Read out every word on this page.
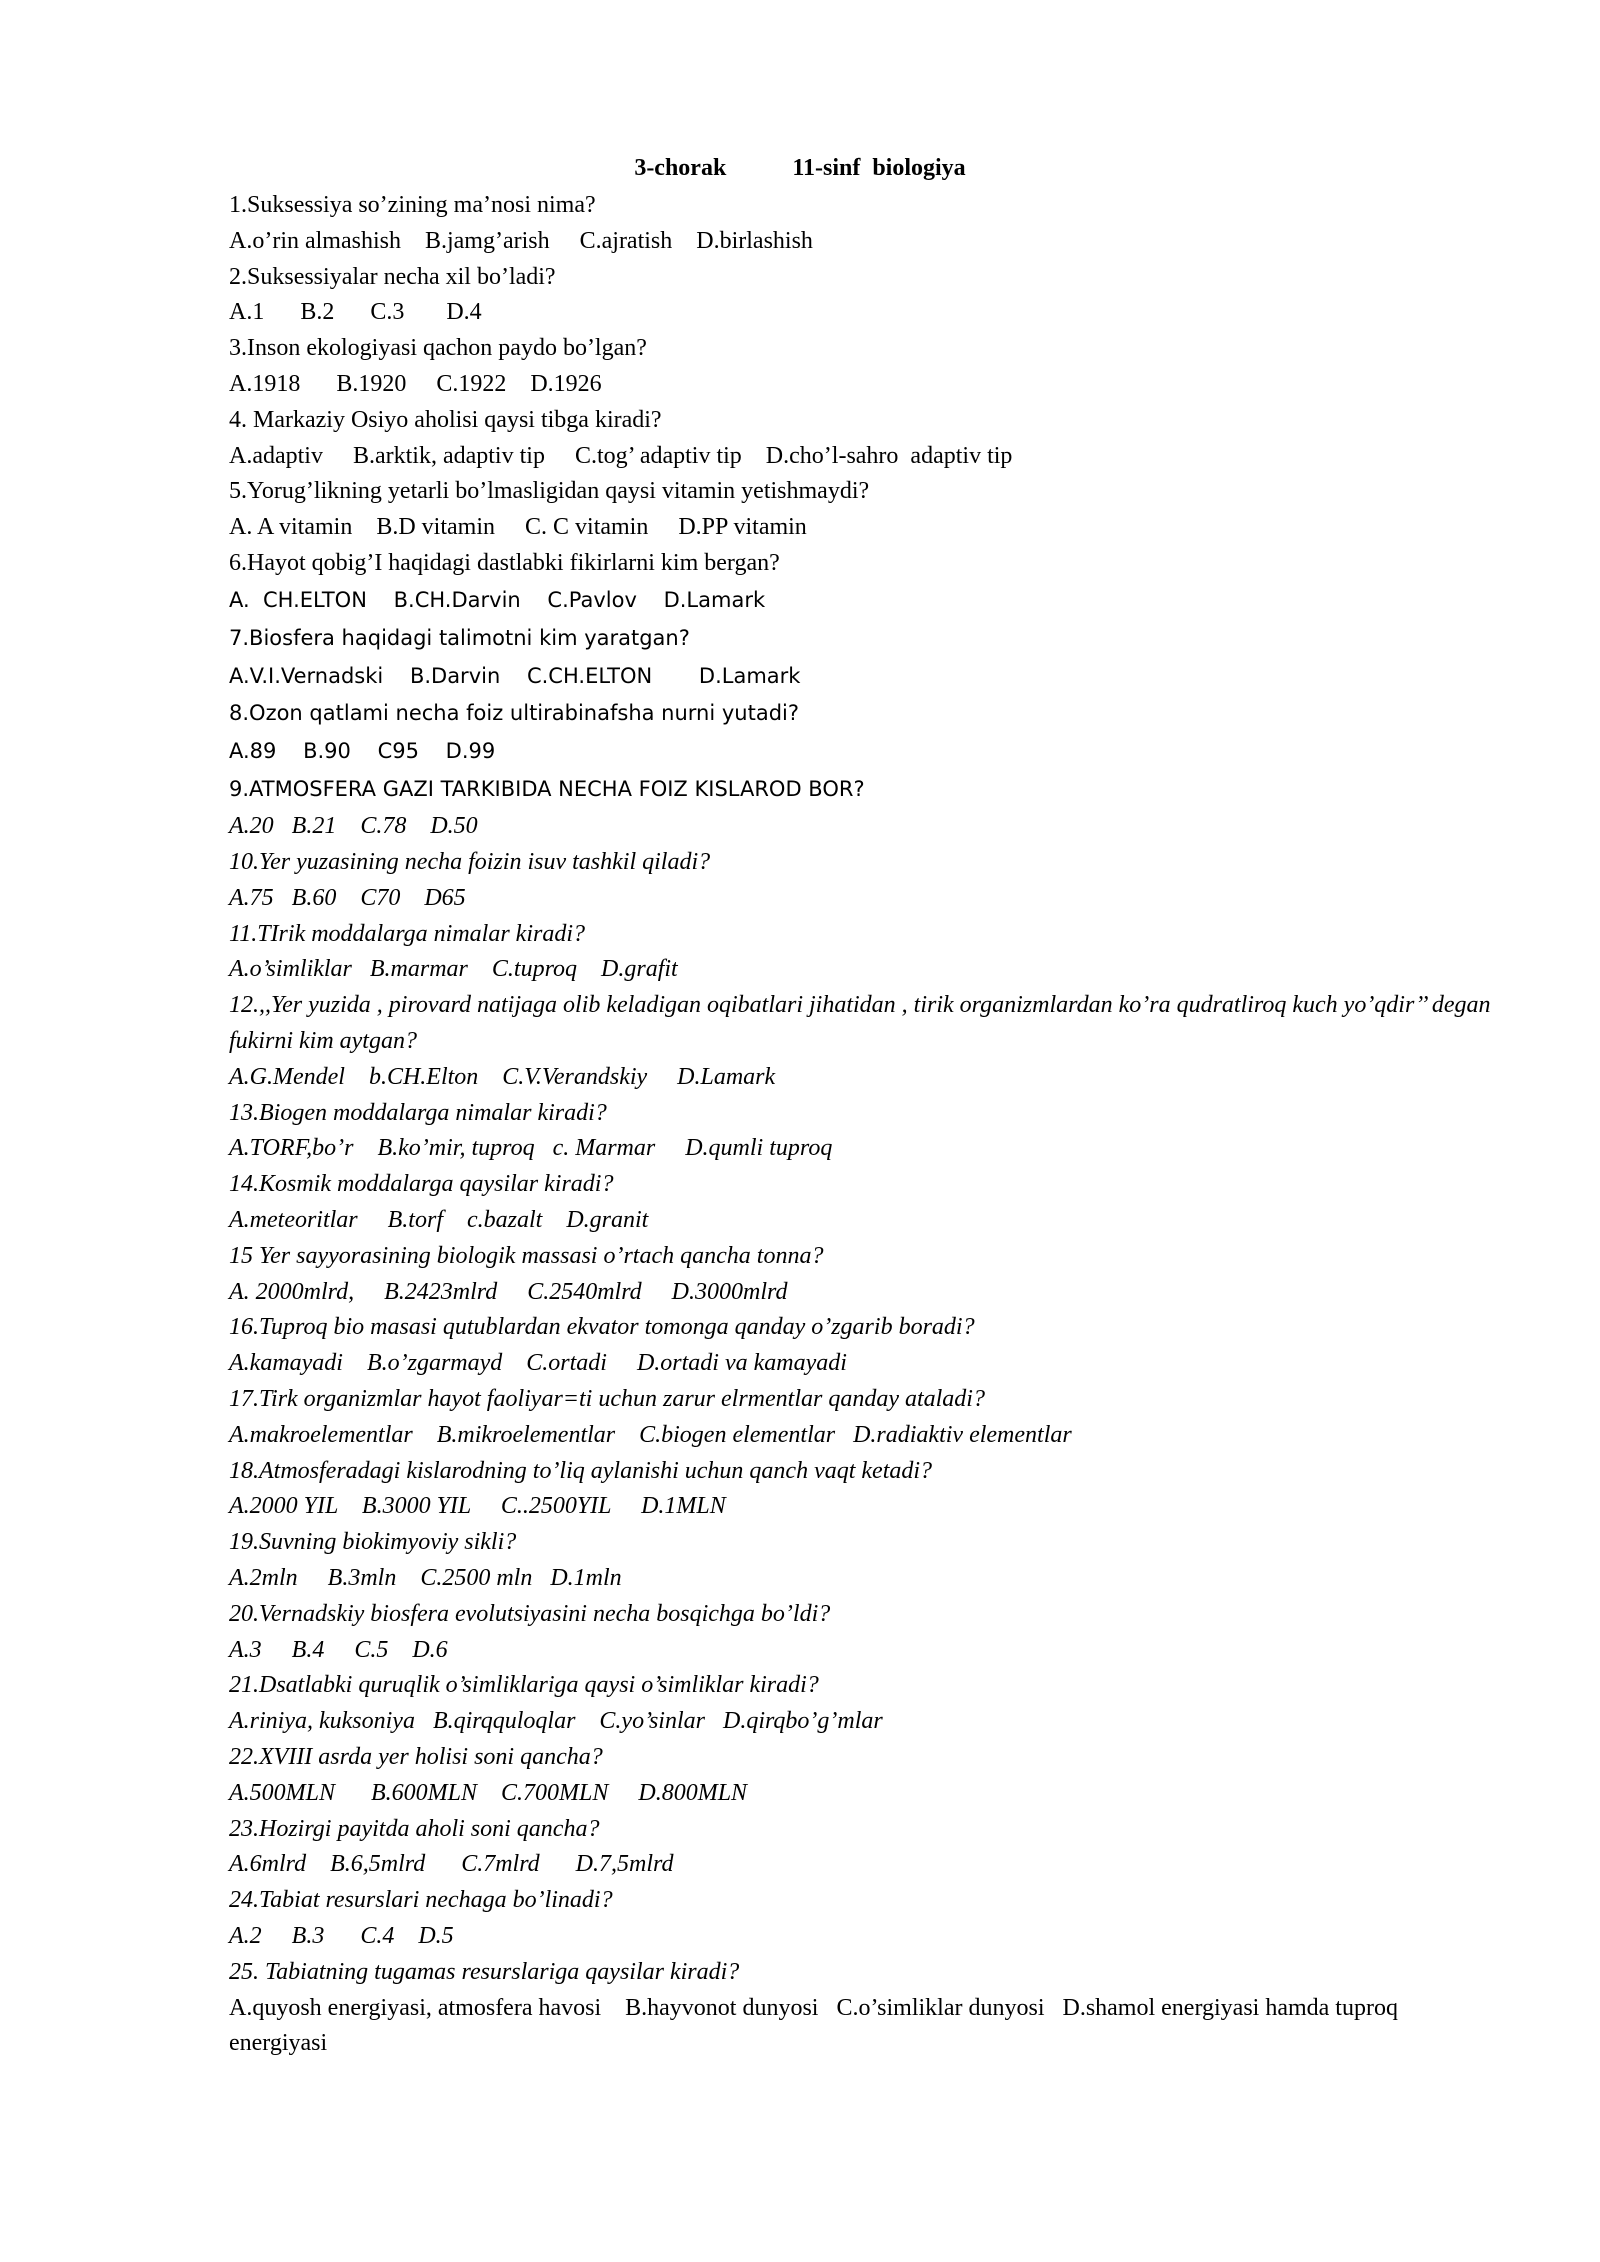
3-chorak	11-sinf  biologiya
1.Suksessiya so’zining ma’nosi nima?
A.o’rin almashish    B.jamg’arish     C.ajratish    D.birlashish
2.Suksessiyalar necha xil bo’ladi?
A.1      B.2      C.3       D.4
3.Inson ekologiyasi qachon paydo bo’lgan?
A.1918      B.1920     C.1922    D.1926
4. Markaziy Osiyo aholisi qaysi tibga kiradi?
A.adaptiv     B.arktik, adaptiv tip     C.tog’ adaptiv tip    D.cho’l-sahro  adaptiv tip
5.Yorug’likning yetarli bo’lmasligidan qaysi vitamin yetishmaydi?
A. A vitamin    B.D vitamin     C. C vitamin     D.PP vitamin
6.Hayot qobig’I haqidagi dastlabki fikirlarni kim bergan?
A.  CH.ELTON    B.CH.Darvin    C.Pavlov    D.Lamark
7.Biosfera haqidagi talimotni kim yaratgan?
A.V.I.Vernadski    B.Darvin    C.CH.ELTON       D.Lamark
8.Ozon qatlami necha foiz ultirabinafsha nurni yutadi?
A.89    B.90    C95    D.99
9.ATMOSFERA GAZI TARKIBIDA NECHA FOIZ KISLAROD BOR?
A.20   B.21    C.78    D.50
10.Yer yuzasining necha foizin isuv tashkil qiladi?
A.75   B.60    C70    D65
11.TIrik moddalarga nimalar kiradi?
A.o’simliklar   B.marmar    C.tuproq    D.grafit
12.,,Yer yuzida , pirovard natijaga olib keladigan oqibatlari jihatidan , tirik organizmlardan ko’ra qudratliroq kuch yo’qdir’’ degan fukirni kim aytgan?
A.G.Mendel    b.CH.Elton    C.V.Verandskiy     D.Lamark
13.Biogen moddalarga nimalar kiradi?
A.TORF,bo’r    B.ko’mir, tuproq   c. Marmar     D.qumli tuproq
14.Kosmik moddalarga qaysilar kiradi?
A.meteoritlar     B.torf    c.bazalt    D.granit
15 Yer sayyorasining biologik massasi o’rtach qancha tonna?
A. 2000mlrd,     B.2423mlrd     C.2540mlrd     D.3000mlrd
16.Tuproq bio masasi qutublardan ekvator tomonga qanday o’zgarib boradi?
A.kamayadi    B.o’zgarmayd    C.ortadi     D.ortadi va kamayadi
17.Tirk organizmlar hayot faoliyar=ti uchun zarur elrmentlar qanday ataladi?
A.makroelementlar    B.mikroelementlar    C.biogen elementlar   D.radiaktiv elementlar
18.Atmosferadagi kislarodning to’liq aylanishi uchun qanch vaqt ketadi?
A.2000 YIL    B.3000 YIL     C..2500YIL     D.1MLN
19.Suvning biokimyoviy sikli?
A.2mln     B.3mln    C.2500 mln   D.1mln
20.Vernadskiy biosfera evolutsiyasini necha bosqichga bo’ldi?
A.3     B.4     C.5    D.6
21.Dsatlabki quruqlik o’simliklariga qaysi o’simliklar kiradi?
A.riniya, kuksoniya   B.qirqquloqlar    C.yo’sinlar   D.qirqbo’g’mlar
22.XVIII asrda yer holisi soni qancha?
A.500MLN      B.600MLN    C.700MLN     D.800MLN
23.Hozirgi payitda aholi soni qancha?
A.6mlrd    B.6,5mlrd      C.7mlrd      D.7,5mlrd
24.Tabiat resurslari nechaga bo’linadi?
A.2     B.3      C.4    D.5
25. Tabiatning tugamas resurslariga qaysilar kiradi?
A.quyosh energiyasi, atmosfera havosi    B.hayvonot dunyosi   C.o’simliklar dunyosi   D.shamol energiyasi hamda tuproq energiyasi
